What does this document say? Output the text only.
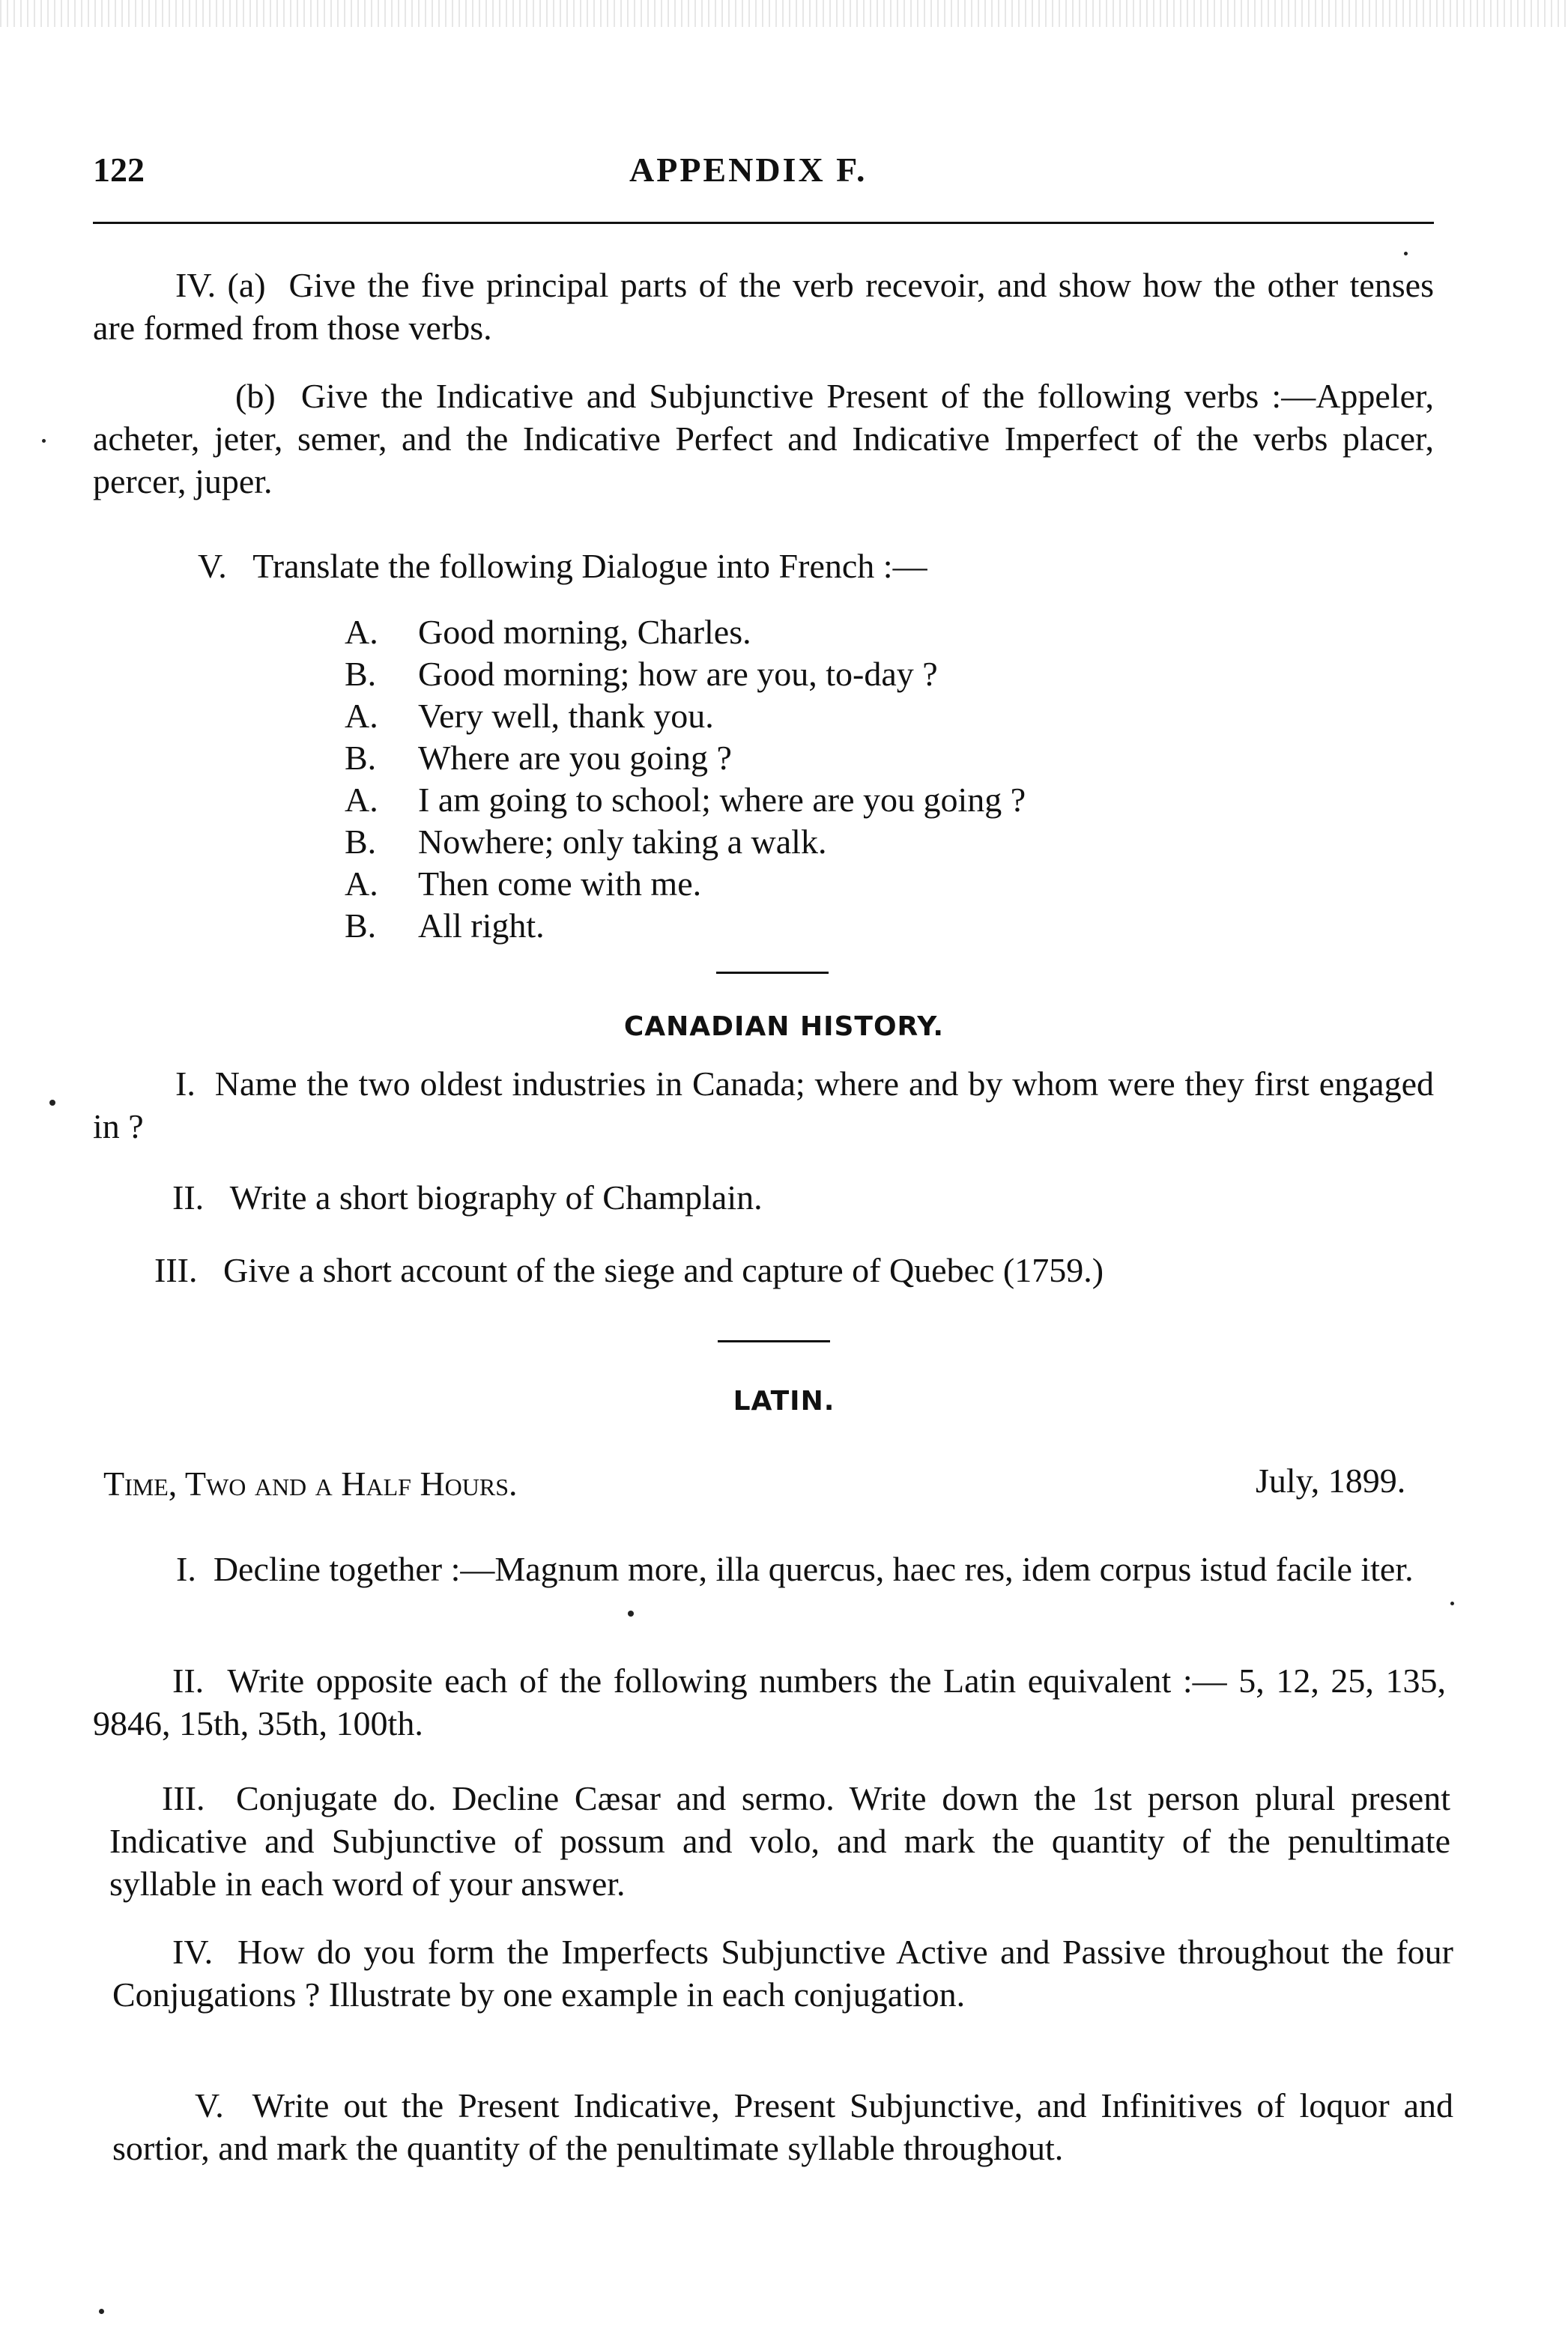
122	APPENDIX F.
IV. (a) Give the five principal parts of the verb recevoir, and show how the other tenses are formed from those verbs.
(b) Give the Indicative and Subjunctive Present of the following verbs :—Appeler, acheter, jeter, semer, and the Indicative Perfect and Indicative Imperfect of the verbs placer, percer, juper.
V. Translate the following Dialogue into French :—
A. Good morning, Charles.
B. Good morning; how are you, to-day ?
A. Very well, thank you.
B. Where are you going ?
A. I am going to school; where are you going ?
B. Nowhere; only taking a walk.
A. Then come with me.
B. All right.
CANADIAN HISTORY.
I. Name the two oldest industries in Canada; where and by whom were they first engaged in ?
II. Write a short biography of Champlain.
III. Give a short account of the siege and capture of Quebec (1759.)
LATIN.
Time, Two and a Half Hours.	July, 1899.
I. Decline together :—Magnum more, illa quercus, haec res, idem corpus istud facile iter.
II. Write opposite each of the following numbers the Latin equivalent :— 5, 12, 25, 135, 9846, 15th, 35th, 100th.
III. Conjugate do. Decline Cæsar and sermo. Write down the 1st person plural present Indicative and Subjunctive of possum and volo, and mark the quantity of the penultimate syllable in each word of your answer.
IV. How do you form the Imperfects Subjunctive Active and Passive throughout the four Conjugations ? Illustrate by one example in each conjugation.
V. Write out the Present Indicative, Present Subjunctive, and Infinitives of loquor and sortior, and mark the quantity of the penultimate syllable throughout.
